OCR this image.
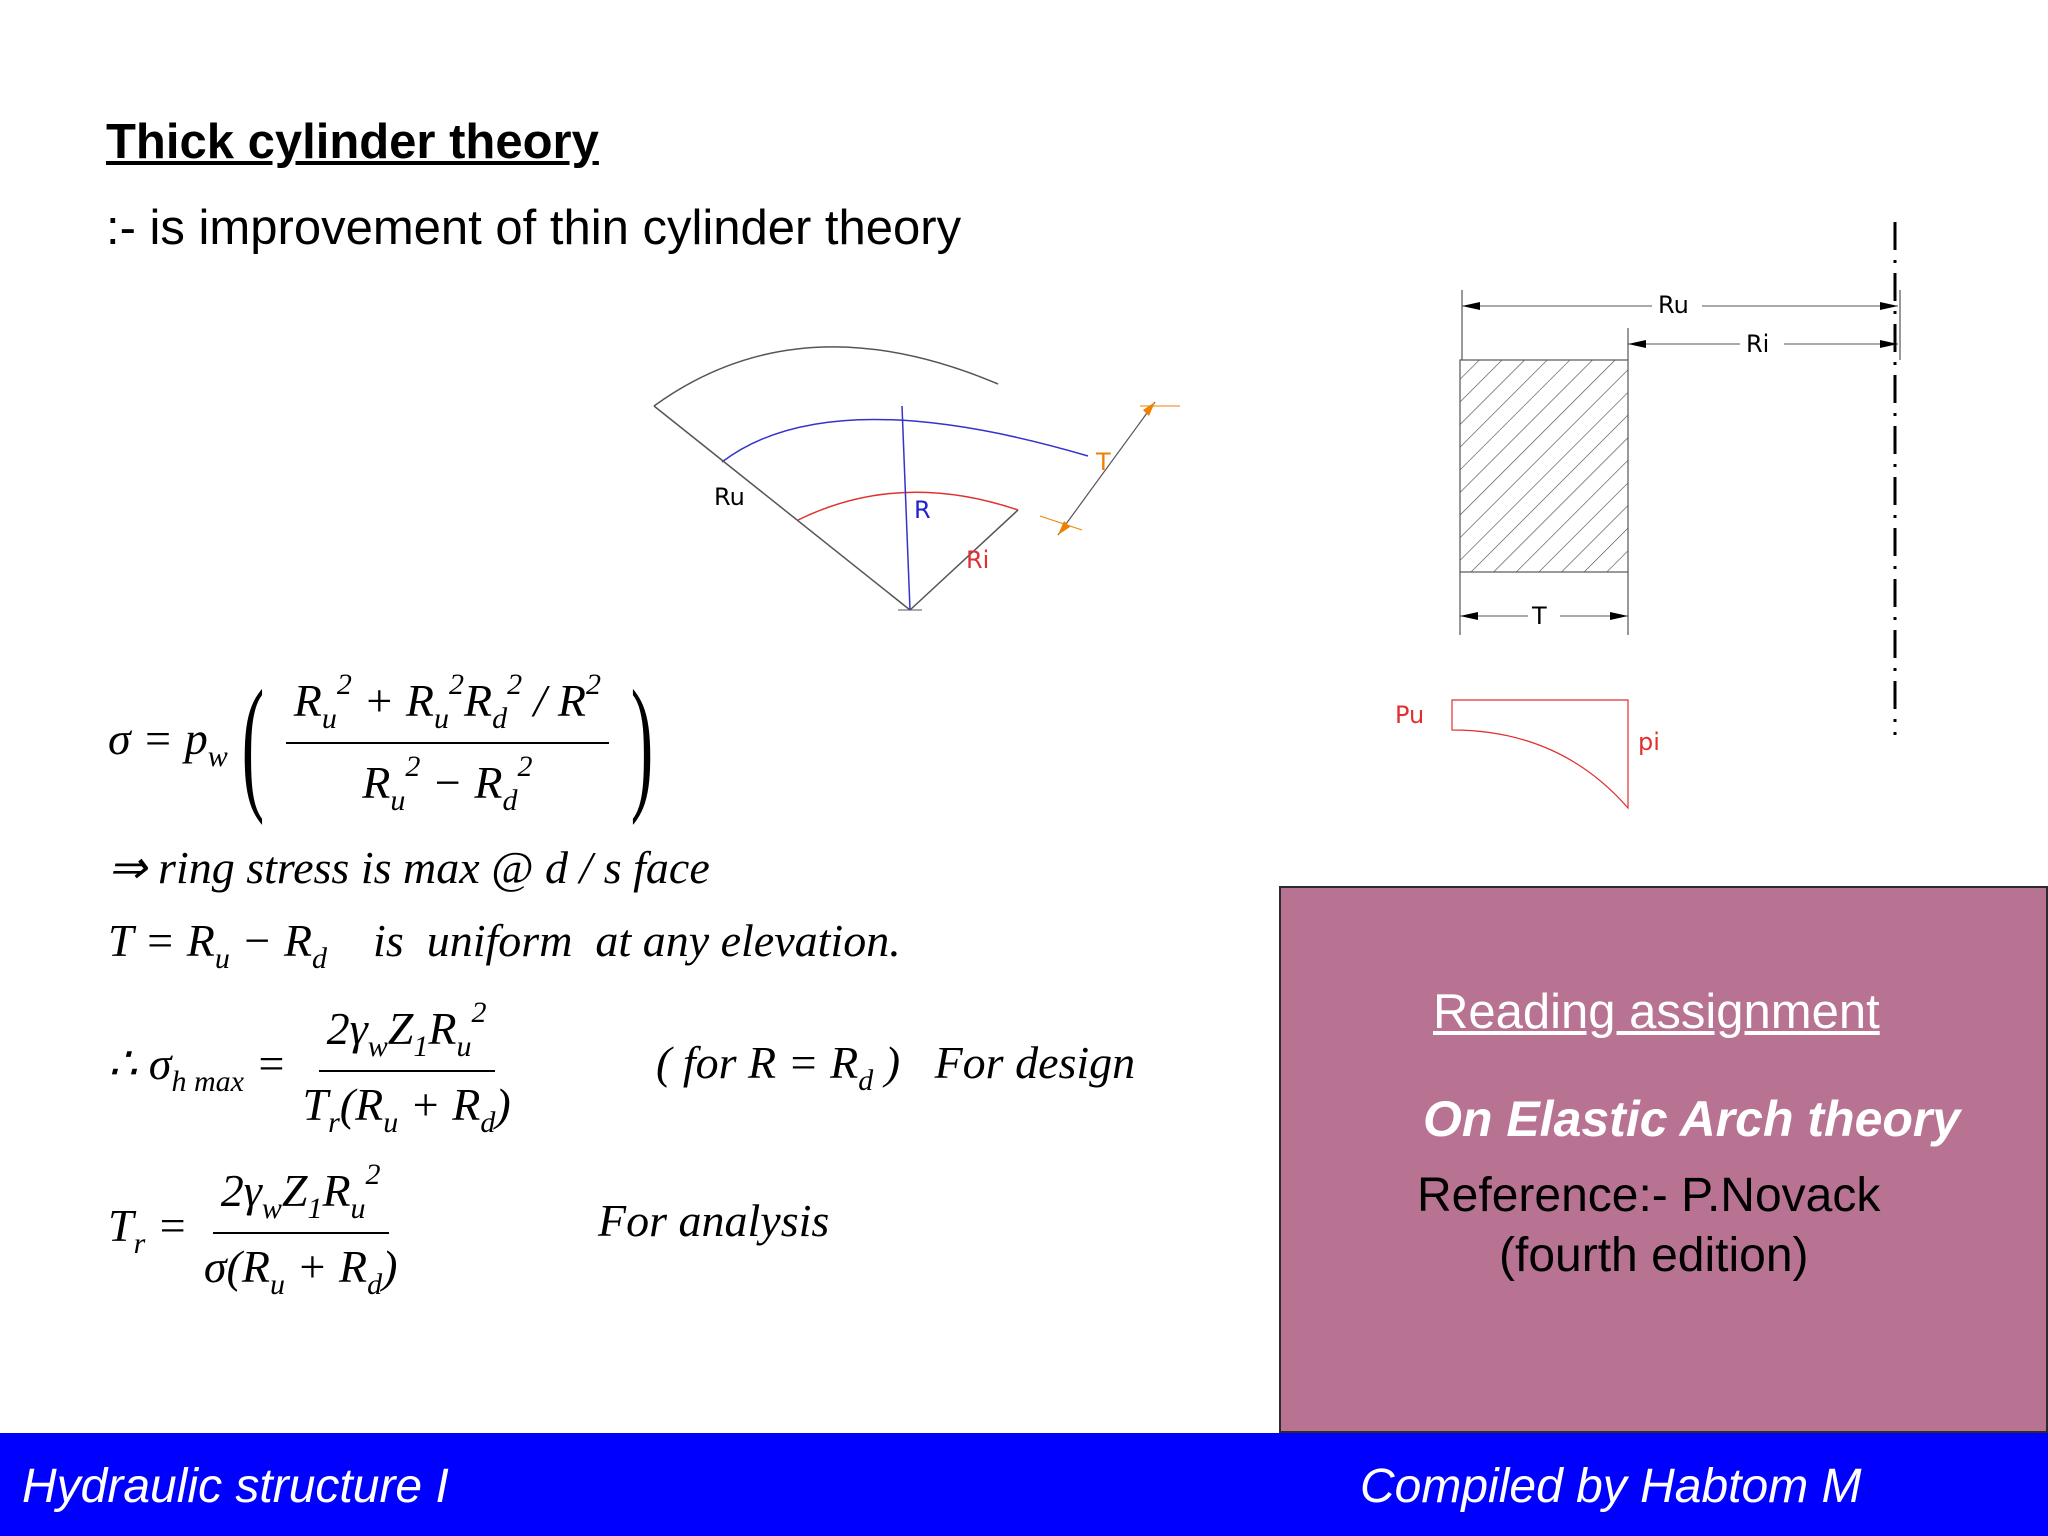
Thick cylinder theory
:- is improvement of thin cylinder theory
T
Ru	R
Ri
Ru
Ri
T
Pu
pi
$\sigma = p_w( \frac{R_u^2 + R_u^2R_d^2 / R^2}{R_u^2 - R_d^2}$ )
⇒ ring stress is max @ d / s face
$T = R_u - R_d$    is  uniform  at any elevation.
∴ $\sigma_{h max} = \frac{2\gamma_wZ_1R_u^2}{T_r(R_u + R_d)}$	( for $R = R_d$ )   For design
$T_r = \frac{2\gamma_wZ_1R_u^2}{\sigma(R_u + R_d)}$	For analysis
Reading assignment
On Elastic Arch theory
Reference:- P.Novack
(fourth edition)
Hydraulic structure I	Compiled by Habtom M
